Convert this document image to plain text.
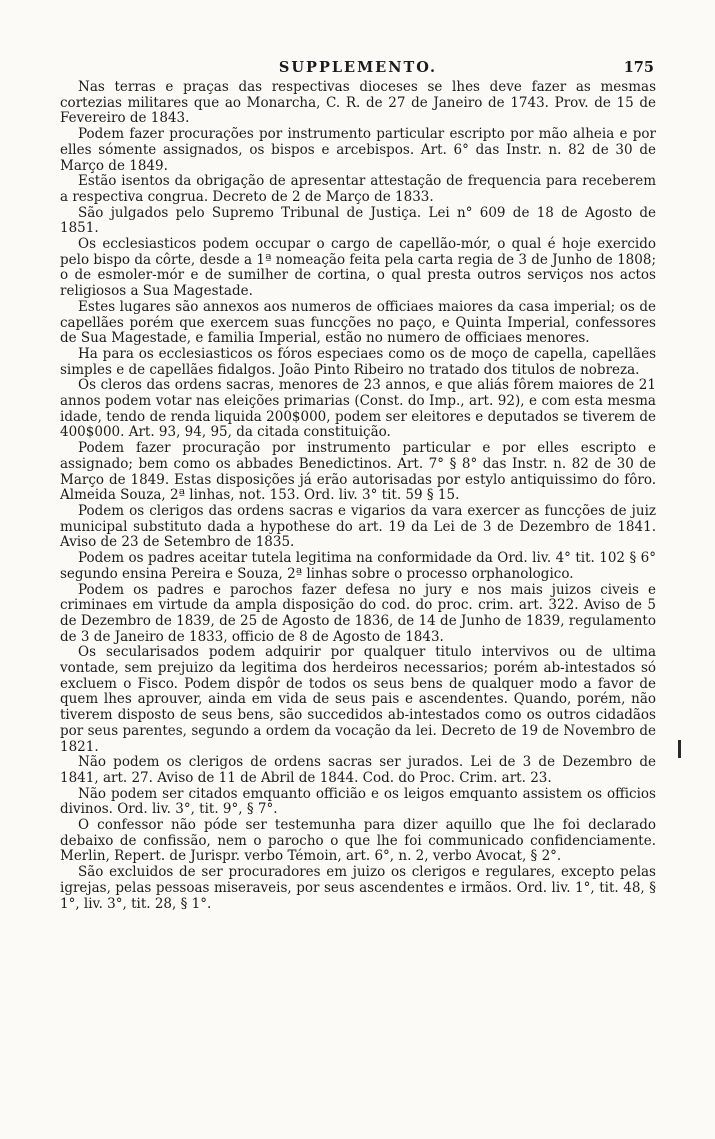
SUPPLEMENTO.	175

Nas terras e praças das respectivas dioceses se lhes deve fazer as mesmas cortezias militares que ao Monarcha, C. R. de 27 de Janeiro de 1743. Prov. de 15 de Fevereiro de 1843.

Podem fazer procurações por instrumento particular escripto por mão alheia e por elles sómente assignados, os bispos e arcebispos. Art. 6° das Instr. n. 82 de 30 de Março de 1849.

Estão isentos da obrigação de apresentar attestação de frequencia para receberem a respectiva congrua. Decreto de 2 de Março de 1833.

São julgados pelo Supremo Tribunal de Justiça. Lei n° 609 de 18 de Agosto de 1851.

Os ecclesiasticos podem occupar o cargo de capellão-mór, o qual é hoje exercido pelo bispo da côrte, desde a 1ª nomeação feita pela carta regia de 3 de Junho de 1808; o de esmoler-mór e de sumilher de cortina, o qual presta outros serviços nos actos religiosos a Sua Magestade.

Estes lugares são annexos aos numeros de officiaes maiores da casa imperial; os de capellães porém que exercem suas funcções no paço, e Quinta Imperial, confessores de Sua Magestade, e familia Imperial, estão no numero de officiaes menores.

Ha para os ecclesiasticos os fóros especiaes como os de moço de capella, capellães simples e de capellães fidalgos. João Pinto Ribeiro no tratado dos titulos de nobreza.

Os cleros das ordens sacras, menores de 23 annos, e que aliás fôrem maiores de 21 annos podem votar nas eleições primarias (Const. do Imp., art. 92), e com esta mesma idade, tendo de renda liquida 200$000, podem ser eleitores e deputados se tiverem de 400$000. Art. 93, 94, 95, da citada constituição.

Podem fazer procuração por instrumento particular e por elles escripto e assignado; bem como os abbades Benedictinos. Art. 7° § 8° das Instr. n. 82 de 30 de Março de 1849. Estas disposições já erão autorisadas por estylo antiquissimo do fôro. Almeida Souza, 2ª linhas, not. 153. Ord. liv. 3° tit. 59 § 15.

Podem os clerigos das ordens sacras e vigarios da vara exercer as funcções de juiz municipal substituto dada a hypothese do art. 19 da Lei de 3 de Dezembro de 1841. Aviso de 23 de Setembro de 1835.

Podem os padres aceitar tutela legitima na conformidade da Ord. liv. 4° tit. 102 § 6° segundo ensina Pereira e Souza, 2ª linhas sobre o processo orphanologico.

Podem os padres e parochos fazer defesa no jury e nos mais juizos civeis e criminaes em virtude da ampla disposição do cod. do proc. crim. art. 322. Aviso de 5 de Dezembro de 1839, de 25 de Agosto de 1836, de 14 de Junho de 1839, regulamento de 3 de Janeiro de 1833, officio de 8 de Agosto de 1843.

Os secularisados podem adquirir por qualquer titulo intervivos ou de ultima vontade, sem prejuizo da legitima dos herdeiros necessarios; porém ab-intestados só excluem o Fisco. Podem dispôr de todos os seus bens de qualquer modo a favor de quem lhes aprouver, ainda em vida de seus pais e ascendentes. Quando, porém, não tiverem disposto de seus bens, são succedidos ab-intestados como os outros cidadãos por seus parentes, segundo a ordem da vocação da lei. Decreto de 19 de Novembro de 1821.

Não podem os clerigos de ordens sacras ser jurados. Lei de 3 de Dezembro de 1841, art. 27. Aviso de 11 de Abril de 1844. Cod. do Proc. Crim. art. 23.

Não podem ser citados emquanto officião e os leigos emquanto assistem os officios divinos. Ord. liv. 3°, tit. 9°, § 7°.

O confessor não póde ser testemunha para dizer aquillo que lhe foi declarado debaixo de confissão, nem o parocho o que lhe foi communicado confidenciamente. Merlin, Repert. de Jurispr. verbo Témoin, art. 6°, n. 2, verbo Avocat, § 2°.

São excluidos de ser procuradores em juizo os clerigos e regulares, excepto pelas igrejas, pelas pessoas miseraveis, por seus ascendentes e irmãos. Ord. liv. 1°, tit. 48, § 1°, liv. 3°, tit. 28, § 1°.
